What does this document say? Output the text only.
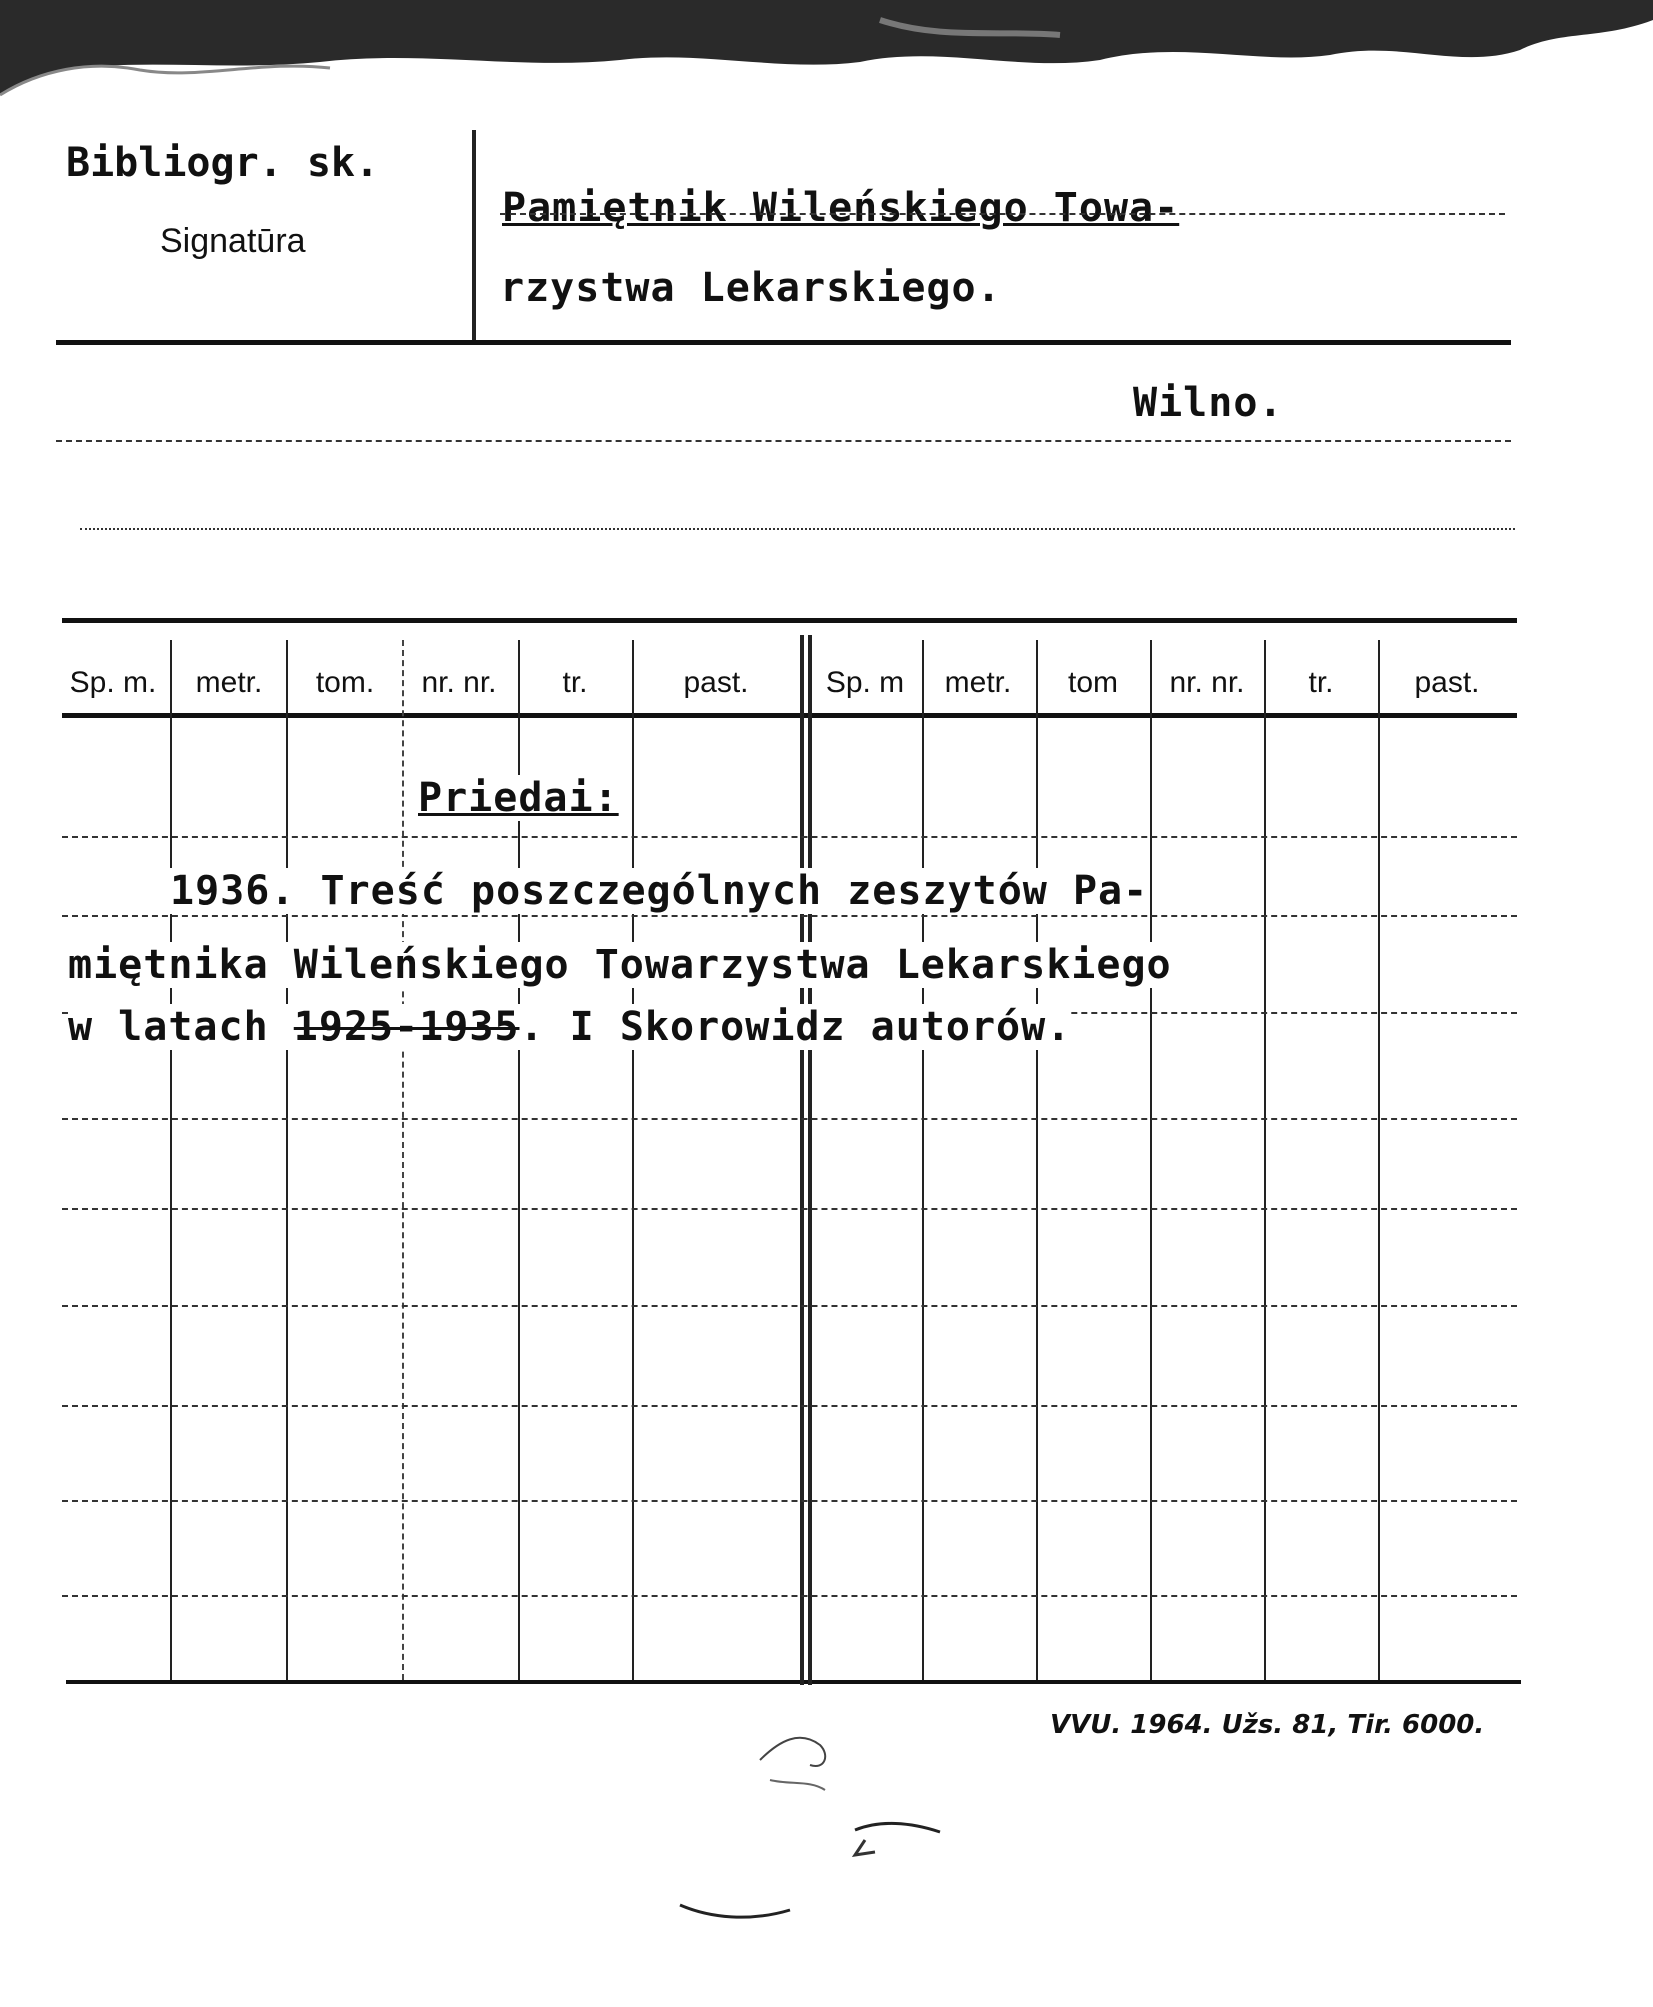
Bibliogr. sk.
Signatūra
Pamiętnik Wileńskiego Towa-
rzystwa Lekarskiego.
Wilno.
Sp. m.	metr.	tom.	nr. nr.	tr.	past.	Sp. m	metr.	tom	nr. nr.	tr.	past.
Priedai:
1936. Treść poszczególnych zeszytów Pa-
miętnika Wileńskiego Towarzystwa Lekarskiego
w latach 1925-1935. I Skorowidz autorów.
VVU. 1964. Užs. 81, Tir. 6000.
